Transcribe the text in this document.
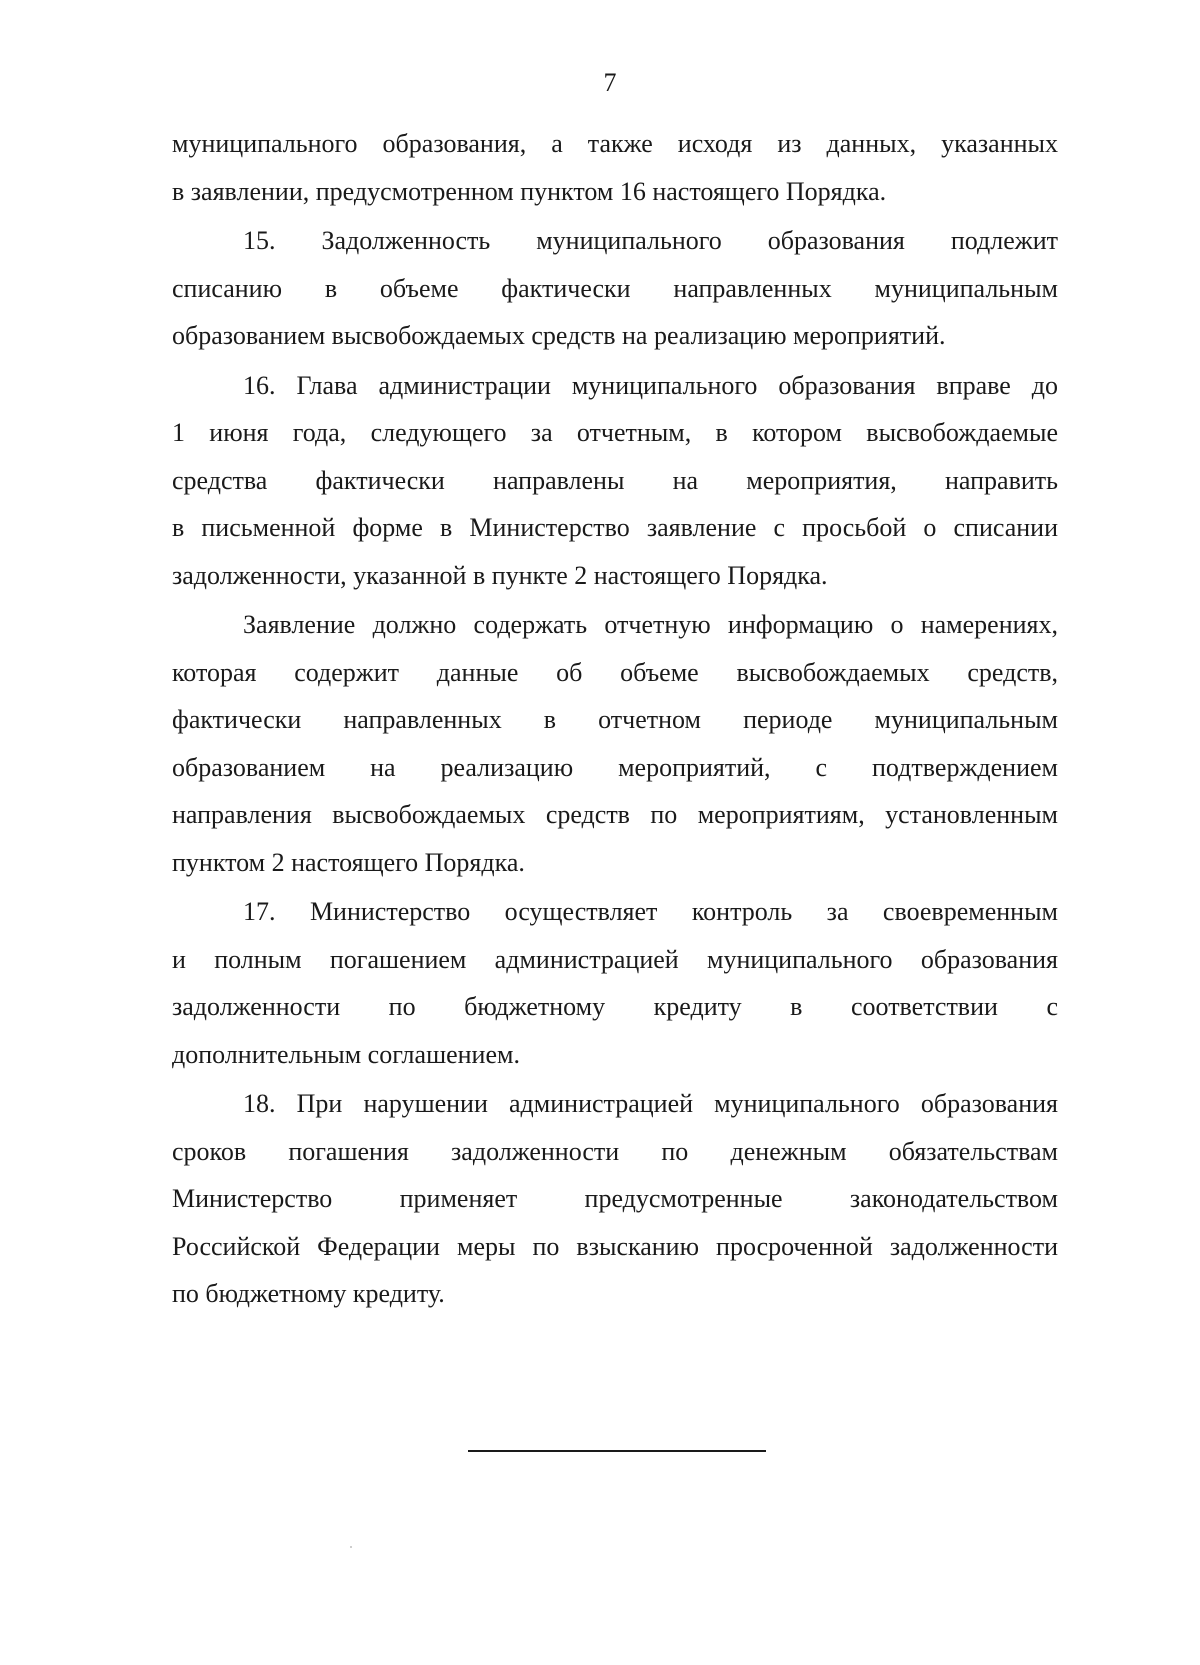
7
муниципального образования, а также исходя из данных, указанных
в заявлении, предусмотренном пунктом 16 настоящего Порядка.
15. Задолженность муниципального образования подлежит
списанию в объеме фактически направленных муниципальным
образованием высвобождаемых средств на реализацию мероприятий.
16. Глава администрации муниципального образования вправе до
1 июня года, следующего за отчетным, в котором высвобождаемые
средства фактически направлены на мероприятия, направить
в письменной форме в Министерство заявление с просьбой о списании
задолженности, указанной в пункте 2 настоящего Порядка.
Заявление должно содержать отчетную информацию о намерениях,
которая содержит данные об объеме высвобождаемых средств,
фактически направленных в отчетном периоде муниципальным
образованием на реализацию мероприятий, с подтверждением
направления высвобождаемых средств по мероприятиям, установленным
пунктом 2 настоящего Порядка.
17. Министерство осуществляет контроль за своевременным
и полным погашением администрацией муниципального образования
задолженности по бюджетному кредиту в соответствии с
дополнительным соглашением.
18. При нарушении администрацией муниципального образования
сроков погашения задолженности по денежным обязательствам
Министерство применяет предусмотренные законодательством
Российской Федерации меры по взысканию просроченной задолженности
по бюджетному кредиту.
